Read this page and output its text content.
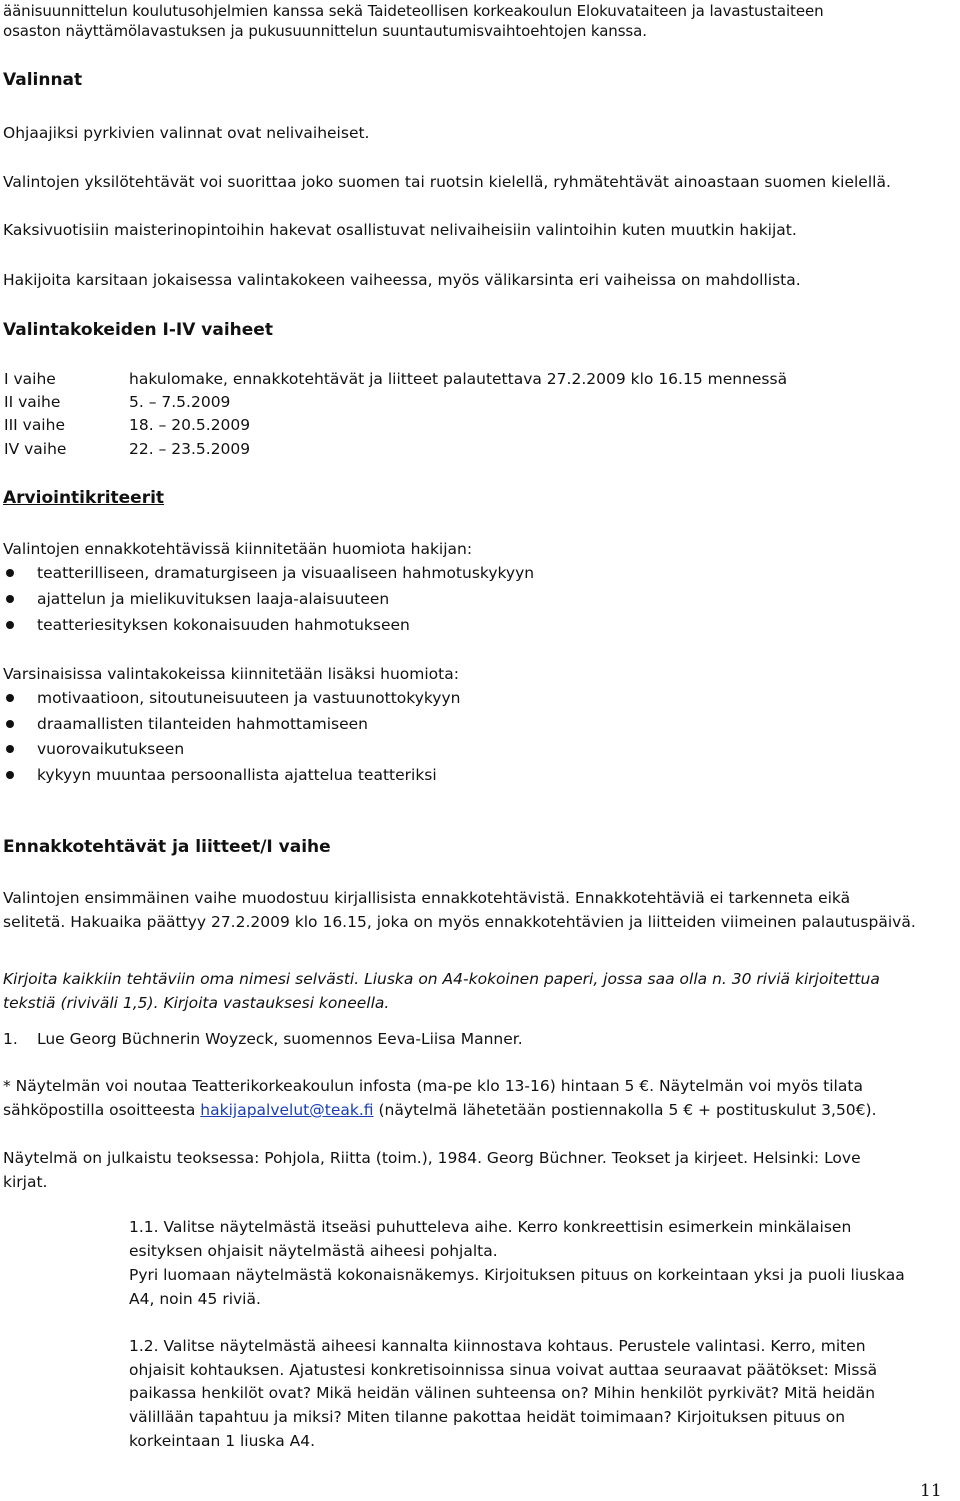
äänisuunnittelun koulutusohjelmien kanssa sekä Taideteollisen korkeakoulun Elokuvataiteen ja lavastustaiteen

osaston näyttämölavastuksen ja pukusuunnittelun suuntautumisvaihtoehtojen kanssa.

Valinnat

Ohjaajiksi pyrkivien valinnat ovat nelivaiheiset.

Valintojen yksilötehtävät voi suorittaa joko suomen tai ruotsin kielellä, ryhmätehtävät ainoastaan suomen kielellä.

Kaksivuotisiin maisterinopintoihin hakevat osallistuvat nelivaiheisiin valintoihin kuten muutkin hakijat.

Hakijoita karsitaan jokaisessa valintakokeen vaiheessa, myös välikarsinta eri vaiheissa on mahdollista.

Valintakokeiden I-IV vaiheet

I vaihe	hakulomake, ennakkotehtävät ja liitteet palautettava 27.2.2009 klo 16.15 mennessä
II vaihe	5. – 7.5.2009
III vaihe	18. – 20.5.2009
IV vaihe	22. – 23.5.2009

Arviointikriteerit

Valintojen ennakkotehtävissä kiinnitetään huomiota hakijan:

teatterilliseen, dramaturgiseen ja visuaaliseen hahmotuskykyyn
ajattelun ja mielikuvituksen laaja-alaisuuteen
teatteriesityksen kokonaisuuden hahmotukseen

Varsinaisissa valintakokeissa kiinnitetään lisäksi huomiota:

motivaatioon, sitoutuneisuuteen ja vastuunottokykyyn
draamallisten tilanteiden hahmottamiseen
vuorovaikutukseen
kykyyn muuntaa persoonallista ajattelua teatteriksi

Ennakkotehtävät ja liitteet/I vaihe

Valintojen ensimmäinen vaihe muodostuu kirjallisista ennakkotehtävistä. Ennakkotehtäviä ei tarkenneta eikä

selitetä. Hakuaika päättyy 27.2.2009 klo 16.15, joka on myös ennakkotehtävien ja liitteiden viimeinen palautuspäivä.

Kirjoita kaikkiin tehtäviin oma nimesi selvästi. Liuska on A4-kokoinen paperi, jossa saa olla n. 30 riviä kirjoitettua

tekstiä (riviväli 1,5). Kirjoita vastauksesi koneella.

1. Lue Georg Büchnerin Woyzeck, suomennos Eeva-Liisa Manner.

* Näytelmän voi noutaa Teatterikorkeakoulun infosta (ma-pe klo 13-16) hintaan 5 €. Näytelmän voi myös tilata

sähköpostilla osoitteesta hakijapalvelut@teak.fi (näytelmä lähetetään postiennakolla 5 € + postituskulut 3,50€).

Näytelmä on julkaistu teoksessa: Pohjola, Riitta (toim.), 1984. Georg Büchner. Teokset ja kirjeet. Helsinki: Love

kirjat.

1.1. Valitse näytelmästä itseäsi puhutteleva aihe. Kerro konkreettisin esimerkein minkälaisen

esityksen ohjaisit näytelmästä aiheesi pohjalta.

Pyri luomaan näytelmästä kokonaisnäkemys. Kirjoituksen pituus on korkeintaan yksi ja puoli liuskaa

A4, noin 45 riviä.

1.2. Valitse näytelmästä aiheesi kannalta kiinnostava kohtaus. Perustele valintasi. Kerro, miten

ohjaisit kohtauksen. Ajatustesi konkretisoinnissa sinua voivat auttaa seuraavat päätökset: Missä

paikassa henkilöt ovat? Mikä heidän välinen suhteensa on? Mihin henkilöt pyrkivät? Mitä heidän

välillään tapahtuu ja miksi? Miten tilanne pakottaa heidät toimimaan? Kirjoituksen pituus on

korkeintaan 1 liuska A4.

11
